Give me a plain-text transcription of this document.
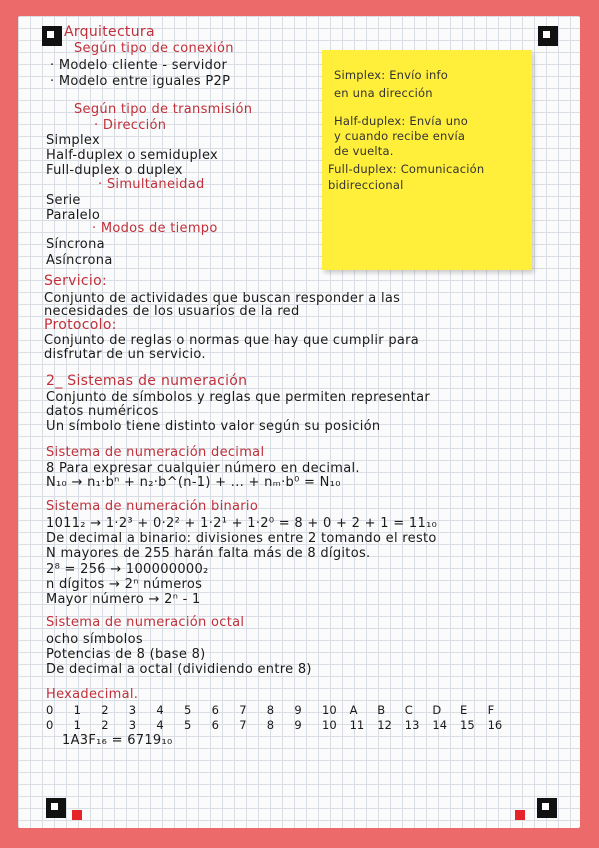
Arquitectura

Según tipo de conexión

· Modelo cliente - servidor

· Modelo entre iguales P2P

Según tipo de transmisión

· Dirección

Simplex

Half-duplex o semiduplex

Full-duplex o duplex

· Simultaneidad

Serie

Paralelo

· Modos de tiempo

Síncrona

Asíncrona

Simplex: Envío info

en una dirección

Half-duplex: Envía uno

y cuando recibe envía

de vuelta.

Full-duplex: Comunicación

bidireccional

Servicio:

Conjunto de actividades que buscan responder a las

necesidades de los usuarios de la red

Protocolo:

Conjunto de reglas o normas que hay que cumplir para

disfrutar de un servicio.

2_ Sistemas de numeración

Conjunto de símbolos y reglas que permiten representar

datos numéricos

Un símbolo tiene distinto valor según su posición

Sistema de numeración decimal

8 Para expresar cualquier número en decimal.

N₁₀ → n₁·bⁿ + n₂·b^(n-1) + ... + nₘ·b⁰ = N₁₀

Sistema de numeración binario

1011₂ → 1·2³ + 0·2² + 1·2¹ + 1·2⁰ = 8 + 0 + 2 + 1 = 11₁₀

De decimal a binario: divisiones entre 2 tomando el resto

N mayores de 255 harán falta más de 8 dígitos.

2⁸ = 256 → 100000000₂

n dígitos → 2ⁿ números

Mayor número → 2ⁿ - 1

Sistema de numeración octal

ocho símbolos

Potencias de 8 (base 8)

De decimal a octal (dividiendo entre 8)

Hexadecimal.

0	1	2	3	4	5	6	7	8	9	10	A	B	C	D	E	F
0	1	2	3	4	5	6	7	8	9	10	11	12	13	14	15	16

1A3F₁₆ = 6719₁₀
